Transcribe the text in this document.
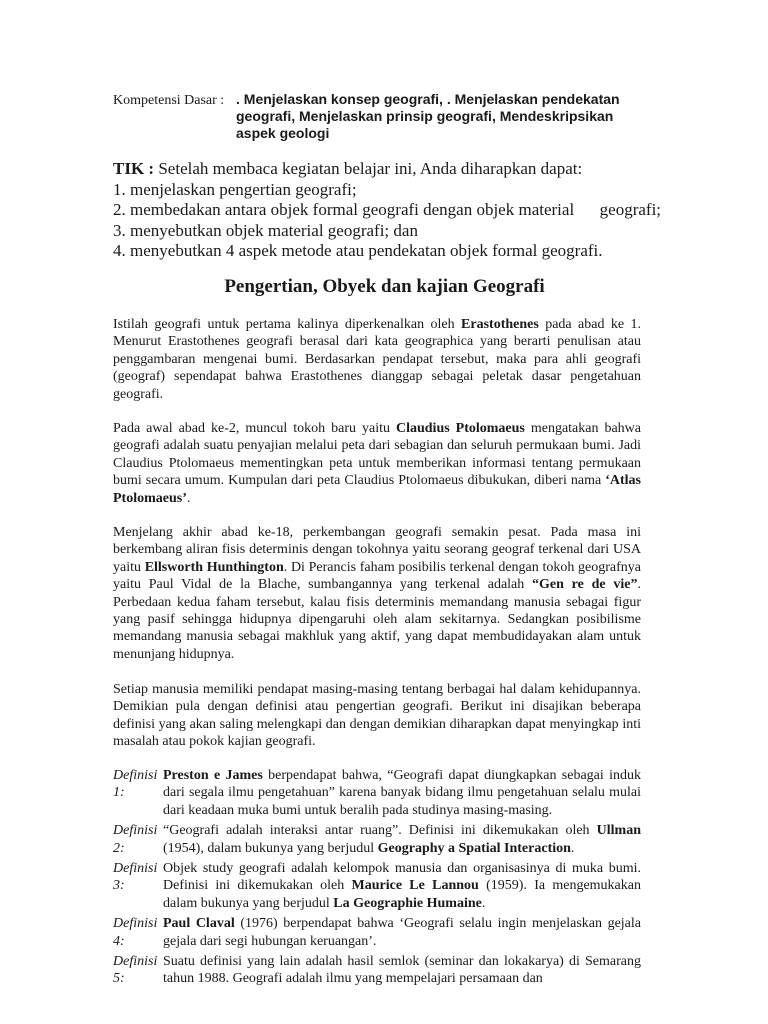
Kompetensi Dasar : . Menjelaskan konsep geografi, . Menjelaskan pendekatan geografi, Menjelaskan prinsip geografi, Mendeskripsikan aspek geologi
TIK : Setelah membaca kegiatan belajar ini, Anda diharapkan dapat:
1. menjelaskan pengertian geografi;
2. membedakan antara objek formal geografi dengan objek material      geografi;
3. menyebutkan objek material geografi; dan
4. menyebutkan 4 aspek metode atau pendekatan objek formal geografi.
Pengertian, Obyek dan kajian Geografi
Istilah geografi untuk pertama kalinya diperkenalkan oleh Erastothenes pada abad ke 1. Menurut Erastothenes geografi berasal dari kata geographica yang berarti penulisan atau penggambaran mengenai bumi. Berdasarkan pendapat tersebut, maka para ahli geografi (geograf) sependapat bahwa Erastothenes dianggap sebagai peletak dasar pengetahuan geografi.
Pada awal abad ke-2, muncul tokoh baru yaitu Claudius Ptolomaeus mengatakan bahwa geografi adalah suatu penyajian melalui peta dari sebagian dan seluruh permukaan bumi. Jadi Claudius Ptolomaeus mementingkan peta untuk memberikan informasi tentang permukaan bumi secara umum. Kumpulan dari peta Claudius Ptolomaeus dibukukan, diberi nama ‘Atlas Ptolomaeus’.
Menjelang akhir abad ke-18, perkembangan geografi semakin pesat. Pada masa ini berkembang aliran fisis determinis dengan tokohnya yaitu seorang geograf terkenal dari USA yaitu Ellsworth Hunthington. Di Perancis faham posibilis terkenal dengan tokoh geografnya yaitu Paul Vidal de la Blache, sumbangannya yang terkenal adalah “Gen re de vie”. Perbedaan kedua faham tersebut, kalau fisis determinis memandang manusia sebagai figur yang pasif sehingga hidupnya dipengaruhi oleh alam sekitarnya. Sedangkan posibilisme memandang manusia sebagai makhluk yang aktif, yang dapat membudidayakan alam untuk menunjang hidupnya.
Setiap manusia memiliki pendapat masing-masing tentang berbagai hal dalam kehidupannya. Demikian pula dengan definisi atau pengertian geografi. Berikut ini disajikan beberapa definisi yang akan saling melengkapi dan dengan demikian diharapkan dapat menyingkap inti masalah atau pokok kajian geografi.
Definisi 1:
Preston e James berpendapat bahwa, “Geografi dapat diungkapkan sebagai induk dari segala ilmu pengetahuan” karena banyak bidang ilmu pengetahuan selalu mulai dari keadaan muka bumi untuk beralih pada studinya masing-masing.
Definisi 2:
“Geografi adalah interaksi antar ruang”. Definisi ini dikemukakan oleh Ullman (1954), dalam bukunya yang berjudul Geography a Spatial Interaction.
Definisi 3:
Objek study geografi adalah kelompok manusia dan organisasinya di muka bumi. Definisi ini dikemukakan oleh Maurice Le Lannou (1959). Ia mengemukakan dalam bukunya yang berjudul La Geographie Humaine.
Definisi 4:
Paul Claval (1976) berpendapat bahwa ‘Geografi selalu ingin menjelaskan gejala gejala dari segi hubungan keruangan’.
Definisi 5:
Suatu definisi yang lain adalah hasil semlok (seminar dan lokakarya) di Semarang tahun 1988. Geografi adalah ilmu yang mempelajari persamaan dan
